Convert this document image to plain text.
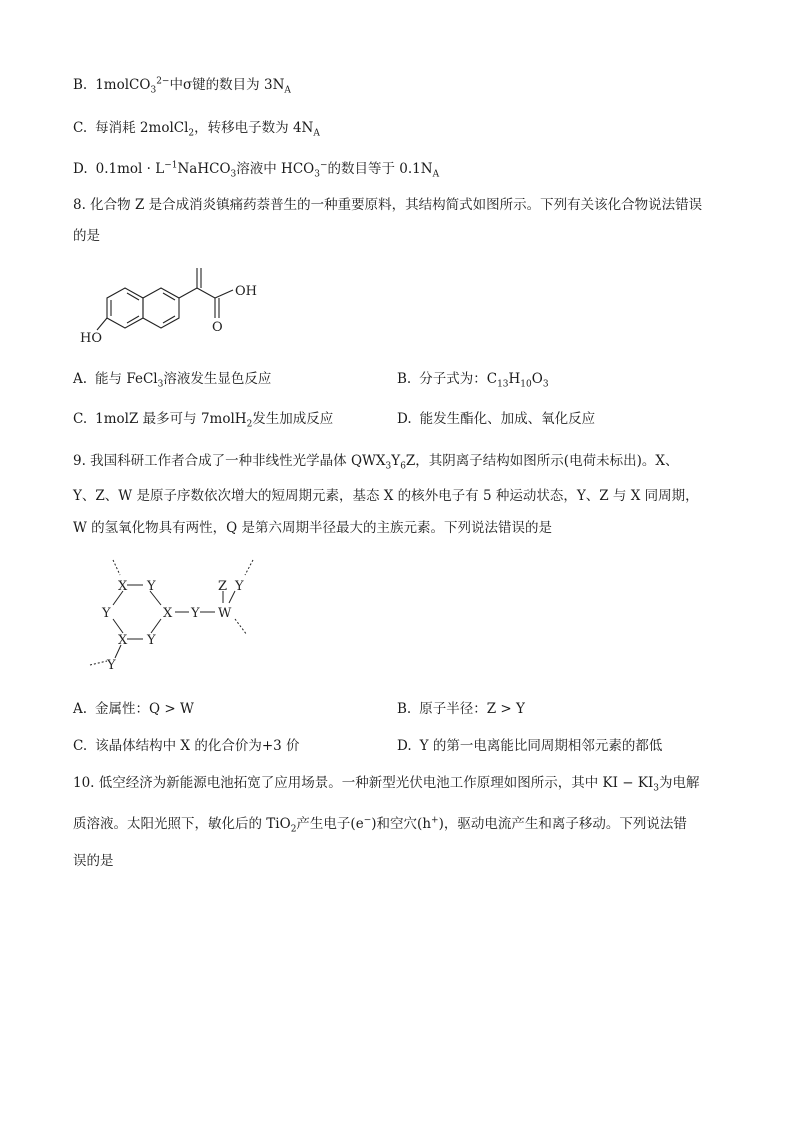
B. 1molCO$_3^{2-}$中σ键的数目为 $3N_A$
C. 每消耗 2molCl$_2$，转移电子数为 $4N_A$
D. $0.1mol \cdot L^{-1}NaHCO_3$溶液中 $HCO_3^-$的数目等于 $0.1N_A$
8. 化合物 Z 是合成消炎镇痛药萘普生的一种重要原料，其结构简式如图所示。下列有关该化合物说法错误
的是
HO
OH
O
A. 能与 FeCl$_3$溶液发生显色反应	B. 分子式为：$C_{13}H_{10}O_3$
C. 1molZ 最多可与 7molH$_2$发生加成反应	D. 能发生酯化、加成、氧化反应
9. 我国科研工作者合成了一种非线性光学晶体 $QWX_3Y_6Z$，其阴离子结构如图所示(电荷未标出)。X、
Y、Z、W 是原子序数依次增大的短周期元素，基态 X 的核外电子有 5 种运动状态，Y、Z 与 X 同周期，
W 的氢氧化物具有两性，Q 是第六周期半径最大的主族元素。下列说法错误的是
X Y
Y	X
X Y
Y W
Z Y
Y
A. 金属性：Q > W	B. 原子半径：Z > Y
C. 该晶体结构中 X 的化合价为+3 价	D. Y 的第一电离能比同周期相邻元素的都低
10. 低空经济为新能源电池拓宽了应用场景。一种新型光伏电池工作原理如图所示，其中 KI − $KI_3$为电解
质溶液。太阳光照下，敏化后的 TiO$_2$产生电子(e−)和空穴(h+)，驱动电流产生和离子移动。下列说法错
误的是
